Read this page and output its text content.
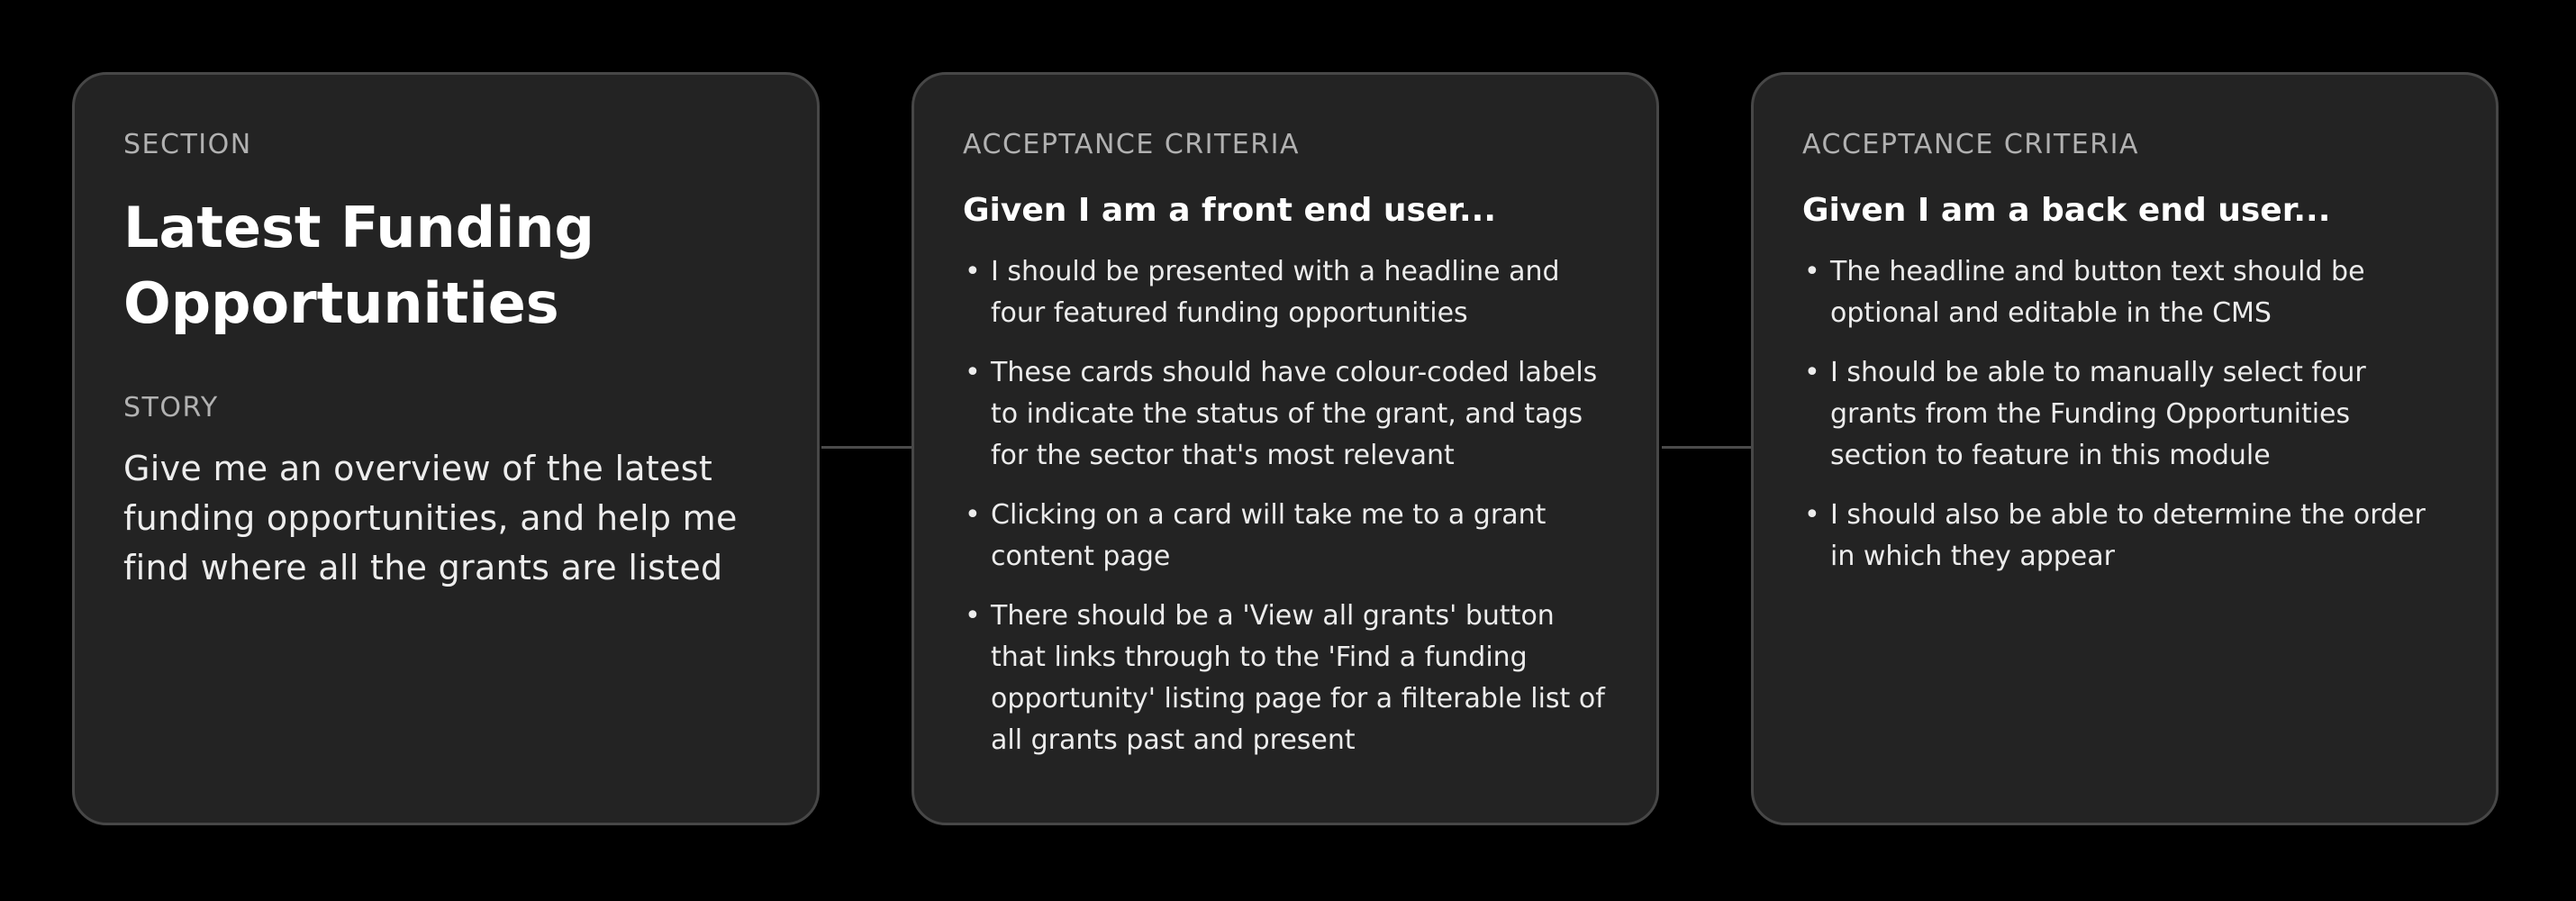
SECTION
Latest Funding
Opportunities
STORY

Give me an overview of the latest funding opportunities, and help me find where all the grants are listed

ACCEPTANCE CRITERIA
Given I am a front end user...
• I should be presented with a headline and four featured funding opportunities
• These cards should have colour-coded labels to indicate the status of the grant, and tags for the sector that's most relevant
• Clicking on a card will take me to a grant content page
• There should be a 'View all grants' button that links through to the 'Find a funding opportunity' listing page for a filterable list of all grants past and present
ACCEPTANCE CRITERIA
Given I am a back end user...
• The headline and button text should be optional and editable in the CMS
• I should be able to manually select four grants from the Funding Opportunities section to feature in this module
• I should also be able to determine the order in which they appear
